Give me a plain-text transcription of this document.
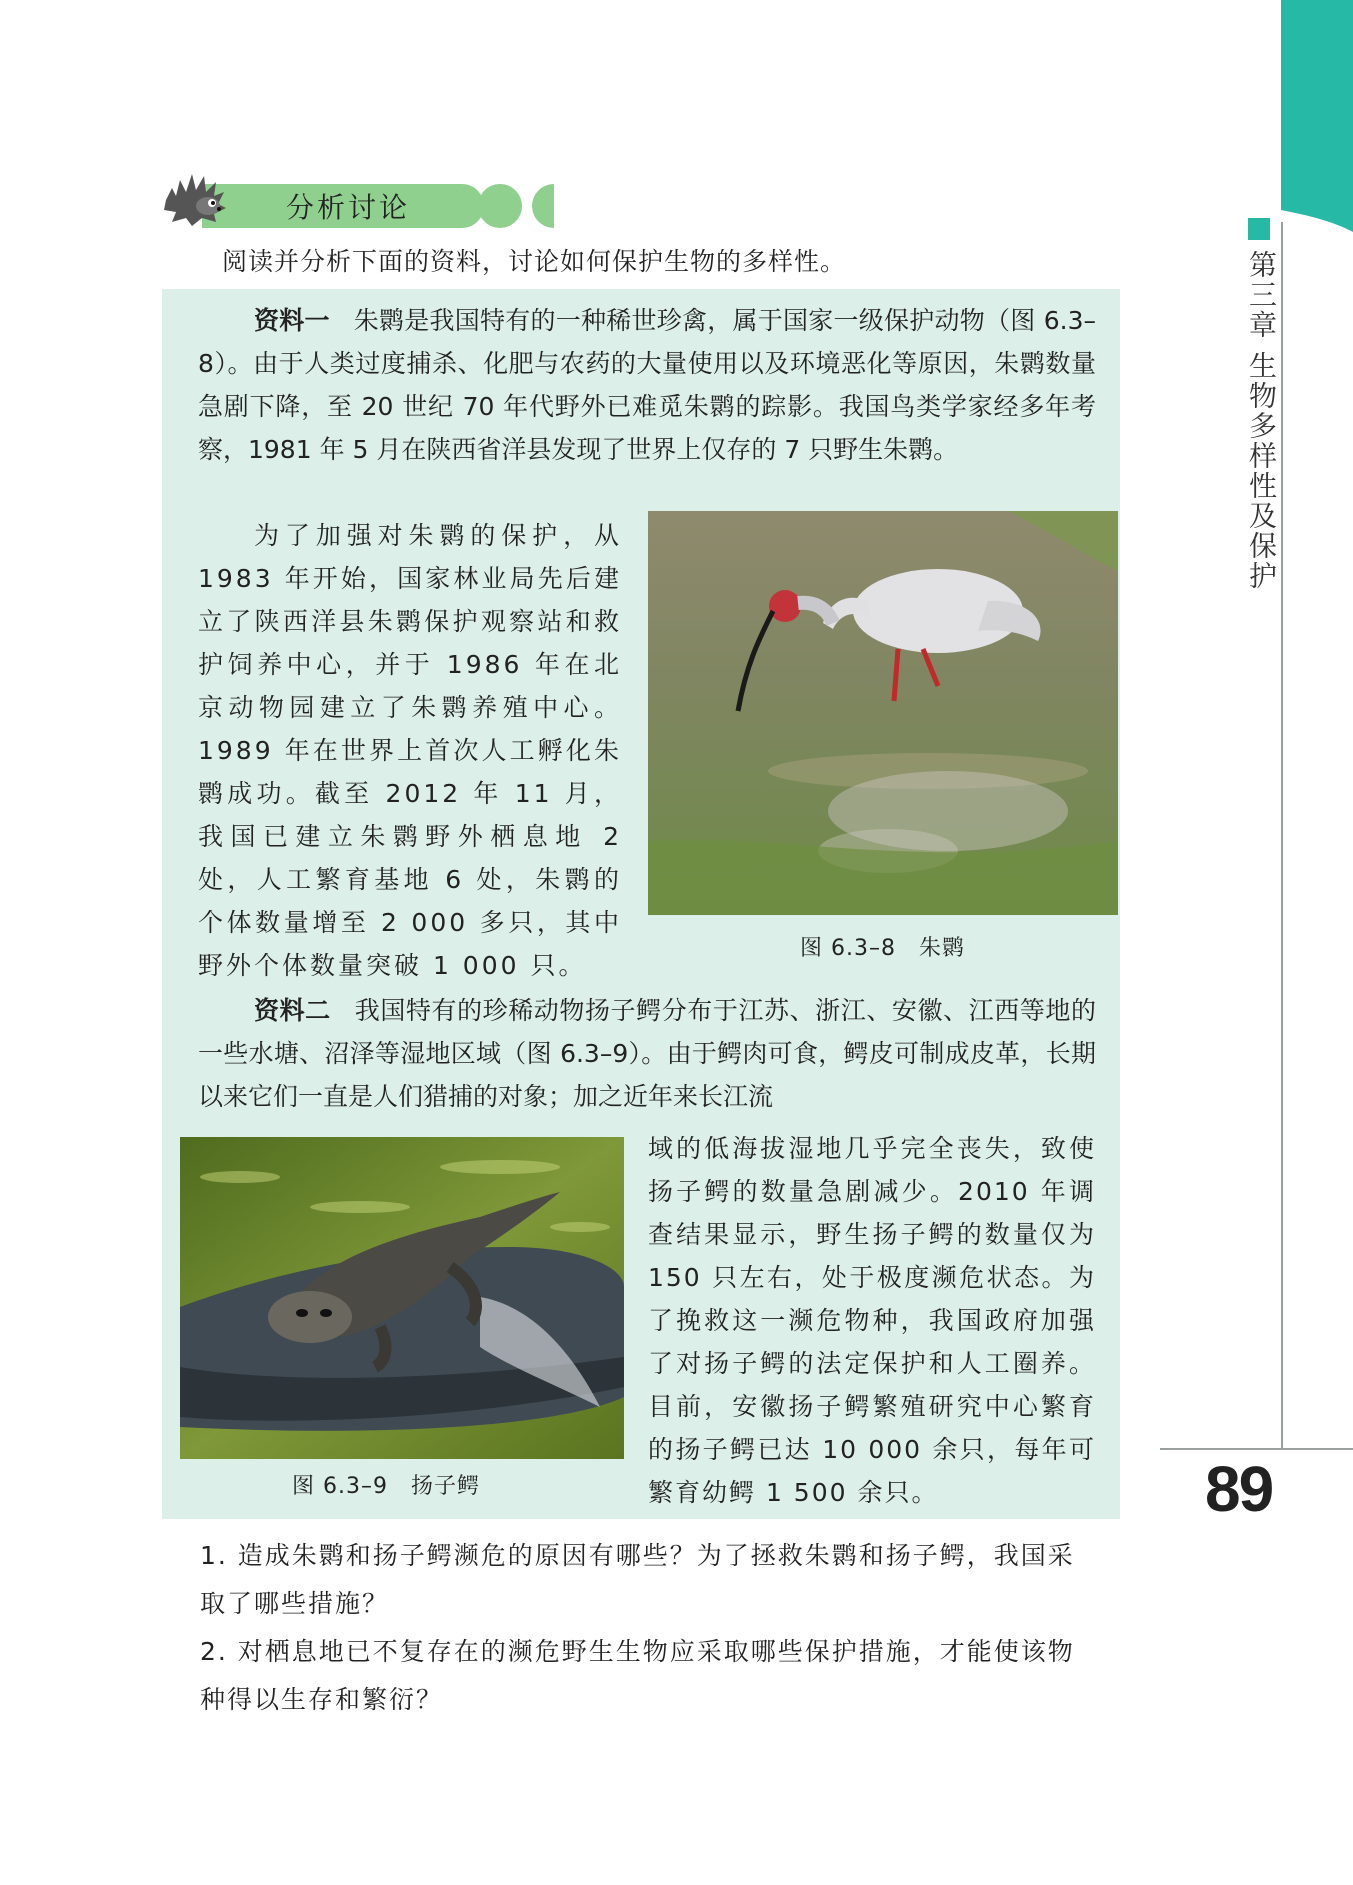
第三章 生物多样性及保护
89
分析讨论
阅读并分析下面的资料，讨论如何保护生物的多样性。
资料一 朱鹮是我国特有的一种稀世珍禽，属于国家一级保护动物（图 6.3–8）。由于人类过度捕杀、化肥与农药的大量使用以及环境恶化等原因，朱鹮数量急剧下降，至 20 世纪 70 年代野外已难觅朱鹮的踪影。我国鸟类学家经多年考察，1981 年 5 月在陕西省洋县发现了世界上仅存的 7 只野生朱鹮。
为了加强对朱鹮的保护，从 1983 年开始，国家林业局先后建立了陕西洋县朱鹮保护观察站和救护饲养中心，并于 1986 年在北京动物园建立了朱鹮养殖中心。1989 年在世界上首次人工孵化朱鹮成功。截至 2012 年 11 月，我国已建立朱鹮野外栖息地 2 处，人工繁育基地 6 处，朱鹮的个体数量增至 2 000 多只，其中野外个体数量突破 1 000 只。
图 6.3–8　朱鹮
资料二 我国特有的珍稀动物扬子鳄分布于江苏、浙江、安徽、江西等地的一些水塘、沼泽等湿地区域（图 6.3–9）。由于鳄肉可食，鳄皮可制成皮革，长期以来它们一直是人们猎捕的对象；加之近年来长江流
图 6.3–9　扬子鳄
域的低海拔湿地几乎完全丧失，致使扬子鳄的数量急剧减少。2010 年调查结果显示，野生扬子鳄的数量仅为 150 只左右，处于极度濒危状态。为了挽救这一濒危物种，我国政府加强了对扬子鳄的法定保护和人工圈养。目前，安徽扬子鳄繁殖研究中心繁育的扬子鳄已达 10 000 余只，每年可繁育幼鳄 1 500 余只。
1. 造成朱鹮和扬子鳄濒危的原因有哪些？为了拯救朱鹮和扬子鳄，我国采取了哪些措施？
2. 对栖息地已不复存在的濒危野生生物应采取哪些保护措施，才能使该物种得以生存和繁衍？
